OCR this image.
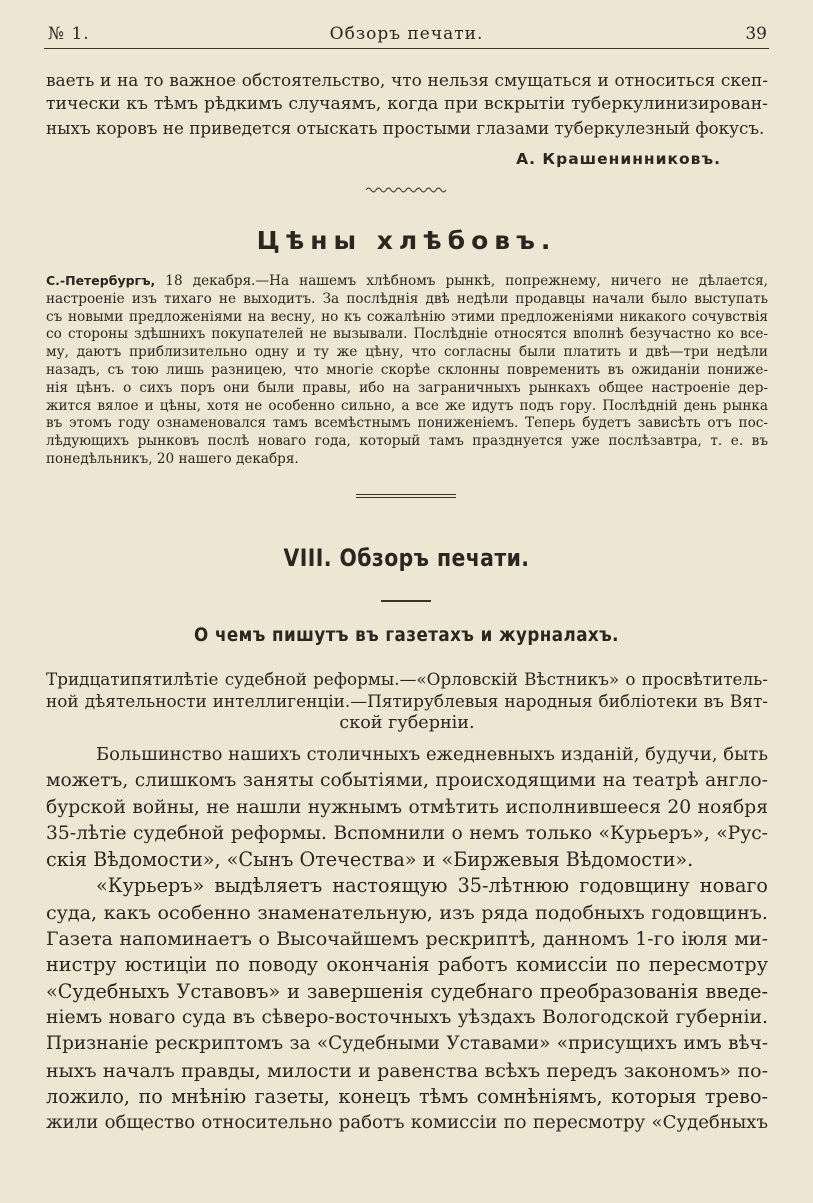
№ 1.	Обзоръ печати.	39
ваеть и на то важное обстоятельство, что нельзя смущаться и относиться скеп-
тически къ тѣмъ рѣдкимъ случаямъ, когда при вскрытіи туберкулинизирован-
ныхъ коровъ не приведется отыскать простыми глазами туберкулезный фокусъ.
А. Крашенинниковъ.
Цѣны хлѣбовъ.
С.-Петербургъ, 18 декабря.—На нашемъ хлѣбномъ рынкѣ, попрежнему, ничего не дѣлается,
настроеніе изъ тихаго не выходитъ. За послѣднія двѣ недѣли продавцы начали было выступать
съ новыми предложеніями на весну, но къ сожалѣнію этими предложеніями никакого сочувствія
со стороны здѣшнихъ покупателей не вызывали. Послѣдніе относятся вполнѣ безучастно ко все-
му, даютъ приблизительно одну и ту же цѣну, что согласны были платить и двѣ—три недѣли
назадъ, съ тою лишь разницею, что многіе скорѣе склонны повременить въ ожиданіи пониже-
нія цѣнъ. о сихъ поръ они были правы, ибо на заграничныхъ рынкахъ общее настроеніе дер-
жится вялое и цѣны, хотя не особенно сильно, а все же идутъ подъ гору. Послѣдній день рынка
въ этомъ году ознаменовался тамъ всемѣстнымъ пониженіемъ. Теперь будетъ зависѣть отъ пос-
лѣдующихъ рынковъ послѣ новаго года, который тамъ празднуется уже послѣзавтра, т. е. въ
понедѣльникъ, 20 нашего декабря.
VIII. Обзоръ печати.
О чемъ пишутъ въ газетахъ и журналахъ.
Тридцатипятилѣтіе судебной реформы.—«Орловскій Вѣстникъ» о просвѣтитель-
ной дѣятельности интеллигенціи.—Пятирублевыя народныя библіотеки въ Вят-
ской губерніи.
Большинство нашихъ столичныхъ ежедневныхъ изданій, будучи, быть
можетъ, слишкомъ заняты событіями, происходящими на театрѣ англо-
бурской войны, не нашли нужнымъ отмѣтить исполнившееся 20 ноября
35-лѣтіе судебной реформы. Вспомнили о немъ только «Курьеръ», «Рус-
скія Вѣдомости», «Сынъ Отечества» и «Биржевыя Вѣдомости».
«Курьеръ» выдѣляетъ настоящую 35-лѣтнюю годовщину новаго
суда, какъ особенно знаменательную, изъ ряда подобныхъ годовщинъ.
Газета напоминаетъ о Высочайшемъ рескриптѣ, данномъ 1-го іюля ми-
нистру юстиціи по поводу окончанія работъ комиссіи по пересмотру
«Судебныхъ Уставовъ» и завершенія судебнаго преобразованія введе-
ніемъ новаго суда въ сѣверо-восточныхъ уѣздахъ Вологодской губерніи.
Признаніе рескриптомъ за «Судебными Уставами» «присущихъ имъ вѣч-
ныхъ началъ правды, милости и равенства всѣхъ передъ закономъ» по-
ложило, по мнѣнію газеты, конецъ тѣмъ сомнѣніямъ, которыя трево-
жили общество относительно работъ комиссіи по пересмотру «Судебныхъ
